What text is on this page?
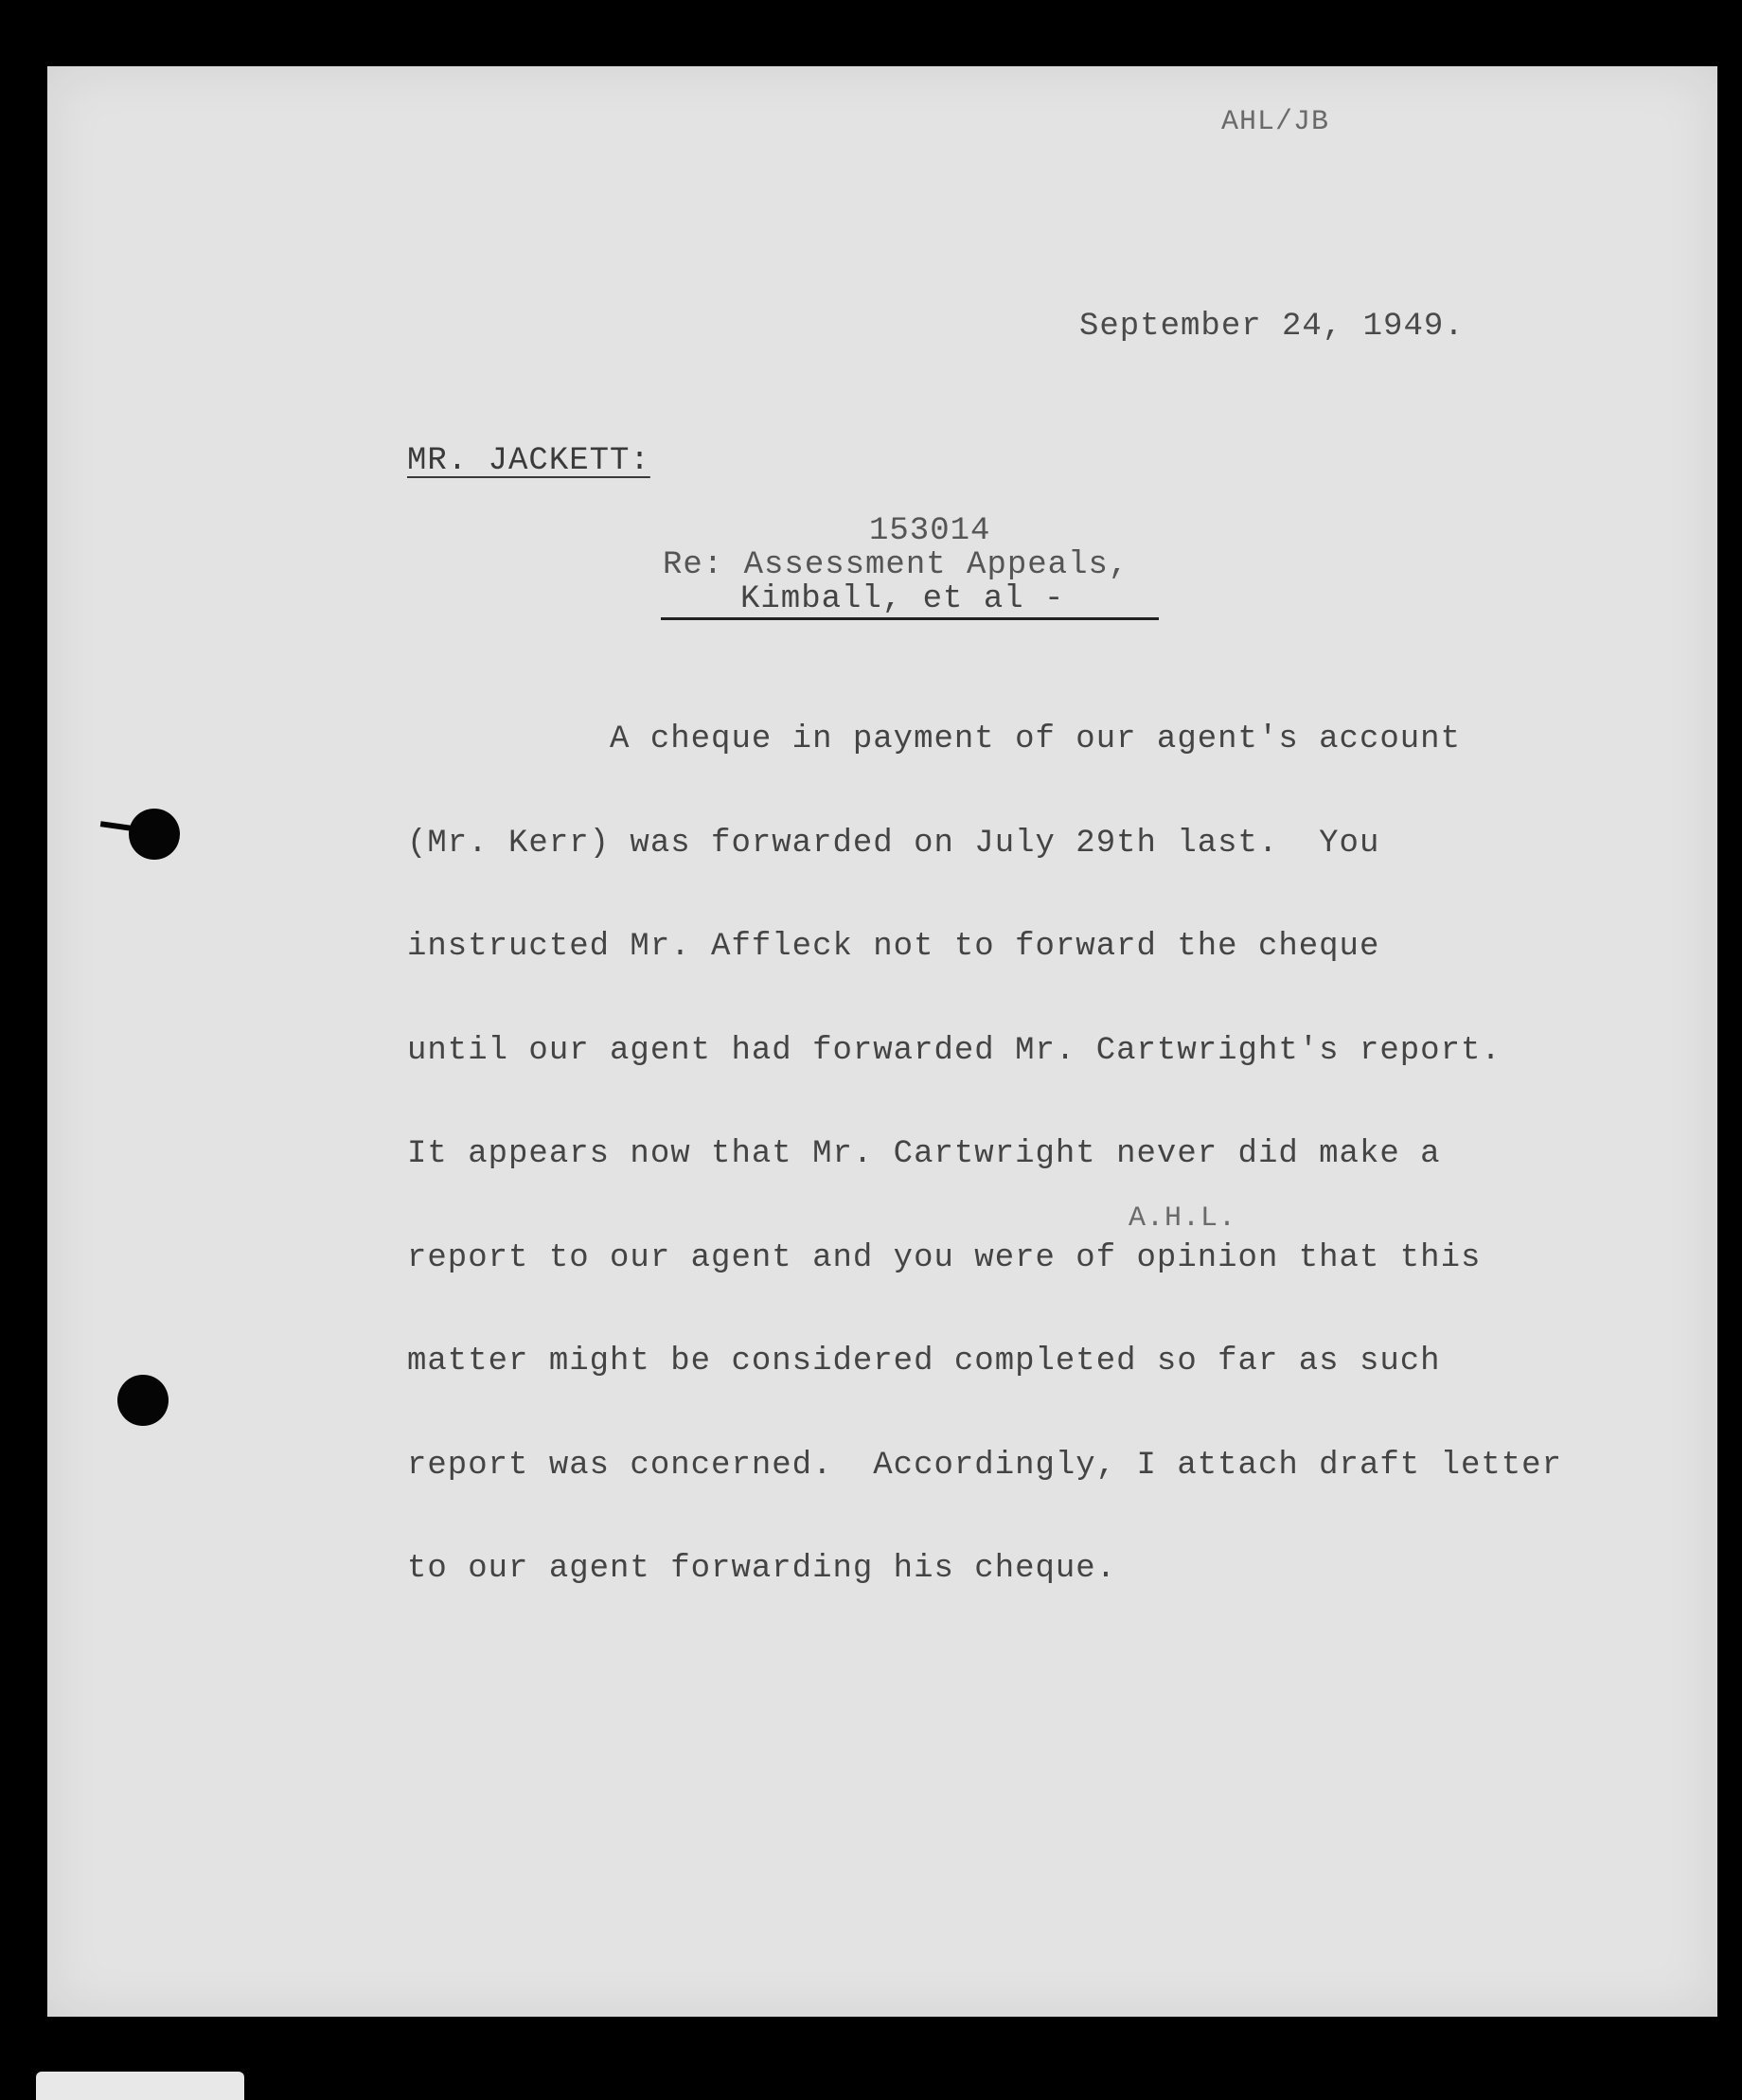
AHL/JB

September 24, 1949.

MR. JACKETT:

153014

Re: Assessment Appeals,

Kimball, et al -

A cheque in payment of our agent's account

(Mr. Kerr) was forwarded on July 29th last.  You

instructed Mr. Affleck not to forward the cheque

until our agent had forwarded Mr. Cartwright's report.

It appears now that Mr. Cartwright never did make a

report to our agent and you were of opinion that this

matter might be considered completed so far as such

report was concerned.  Accordingly, I attach draft letter

to our agent forwarding his cheque.

A.H.L.
